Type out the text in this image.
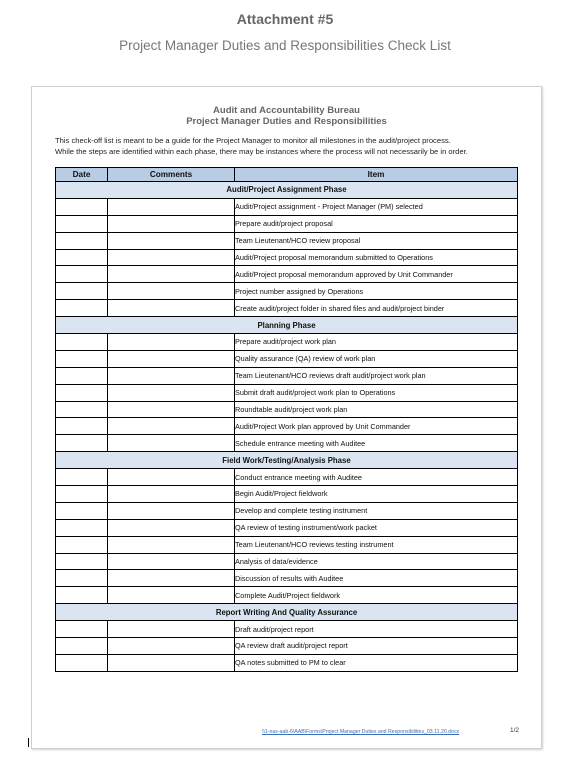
Attachment #5
Project Manager Duties and Responsibilities Check List
Audit and Accountability Bureau
Project Manager Duties and Responsibilities
This check-off list is meant to be a guide for the Project Manager to monitor all milestones in the audit/project process.
While the steps are identified within each phase, there may be instances where the process will not necessarily be in order.
Date	Comments	Item
Audit/Project Assignment Phase		
		Audit/Project assignment - Project Manager (PM) selected
		Prepare audit/project proposal
		Team Lieutenant/HCO review proposal
		Audit/Project proposal memorandum submitted to Operations
		Audit/Project proposal memorandum approved by Unit Commander
		Project number assigned by Operations
		Create audit/project folder in shared files and audit/project binder
Planning Phase		
		Prepare audit/project work plan
		Quality assurance (QA) review of work plan
		Team Lieutenant/HCO reviews draft audit/project work plan
		Submit draft audit/project work plan to Operations
		Roundtable audit/project work plan
		Audit/Project Work plan approved by Unit Commander
		Schedule entrance meeting with Auditee
Field Work/Testing/Analysis Phase		
		Conduct entrance meeting with Auditee
		Begin Audit/Project fieldwork
		Develop and complete testing instrument
		QA review of testing instrument/work packet
		Team Lieutenant/HCO reviews testing instrument
		Analysis of data/evidence
		Discussion of results with Auditee
		Complete Audit/Project fieldwork
Report Writing And Quality Assurance		
		Draft audit/project report
		QA review draft audit/project report
		QA notes submitted to PM to clear
\\1-nas-aab-6\AAB\Forms\Project Manager Duties and Responsibilities_03.11.20.docx	1/2
